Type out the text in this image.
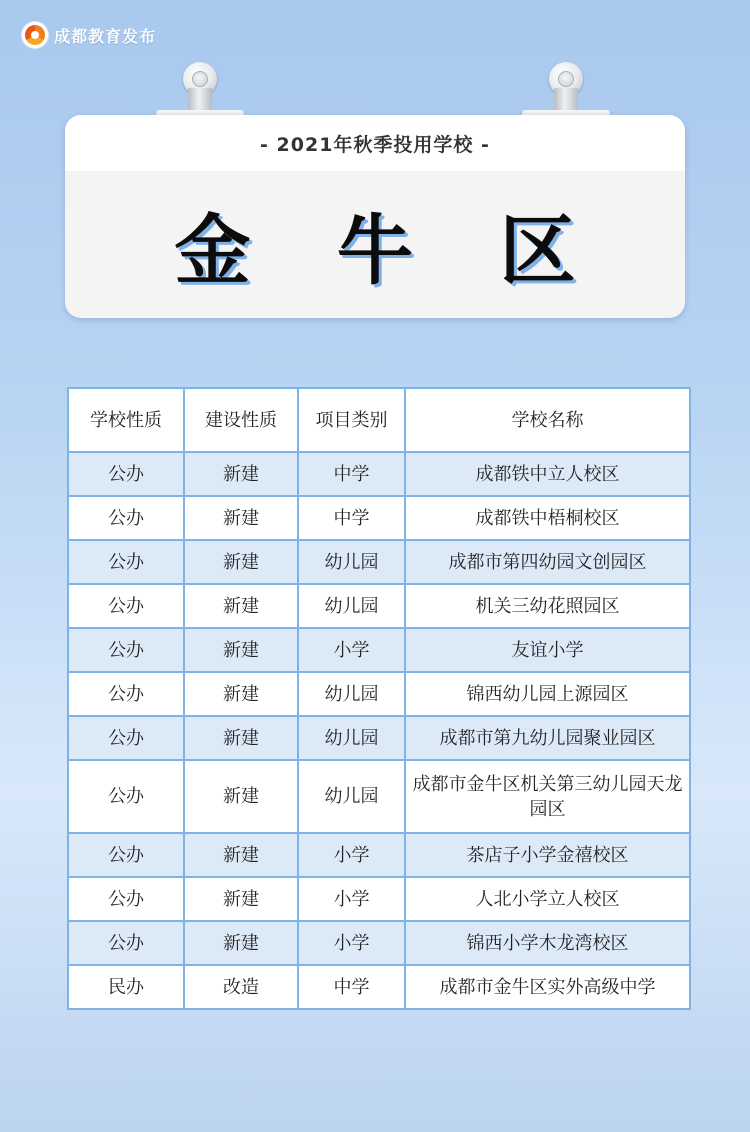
成都教育发布
- 2021年秋季投用学校 -
金 牛 区
学校性质	建设性质	项目类别	学校名称
公办	新建	中学	成都铁中立人校区
公办	新建	中学	成都铁中梧桐校区
公办	新建	幼儿园	成都市第四幼园文创园区
公办	新建	幼儿园	机关三幼花照园区
公办	新建	小学	友谊小学
公办	新建	幼儿园	锦西幼儿园上源园区
公办	新建	幼儿园	成都市第九幼儿园聚业园区
公办	新建	幼儿园	成都市金牛区机关第三幼儿园天龙园区
公办	新建	小学	茶店子小学金禧校区
公办	新建	小学	人北小学立人校区
公办	新建	小学	锦西小学木龙湾校区
民办	改造	中学	成都市金牛区实外高级中学
